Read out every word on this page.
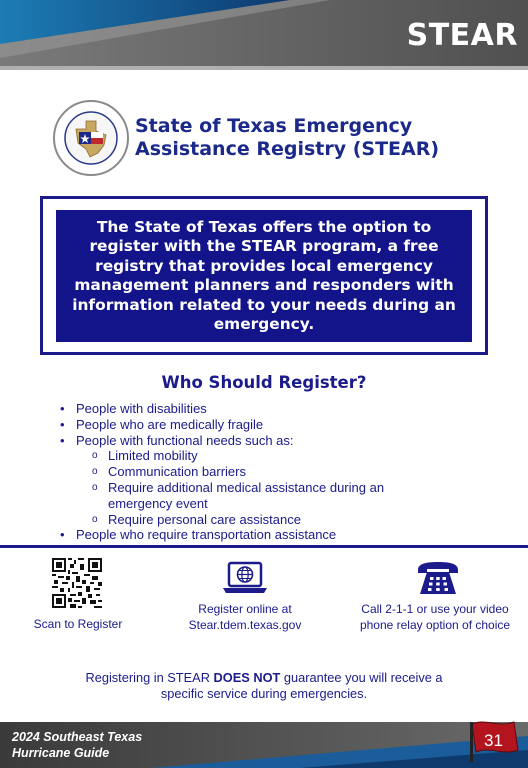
STEAR
State of Texas Emergency
Assistance Registry (STEAR)
The State of Texas offers the option to
register with the STEAR program, a free
registry that provides local emergency
management planners and responders with
information related to your needs during an
emergency.
Who Should Register?
• People with disabilities
• People who are medically fragile
• People with functional needs such as:
o Limited mobility
o Communication barriers
o Require additional medical assistance during an emergency event
o Require personal care assistance
• People who require transportation assistance
Scan to Register
Register online at
Stear.tdem.texas.gov
Call 2-1-1 or use your video
phone relay option of choice
Registering in STEAR DOES NOT guarantee you will receive a
specific service during emergencies.
2024 Southeast Texas
Hurricane Guide
31
